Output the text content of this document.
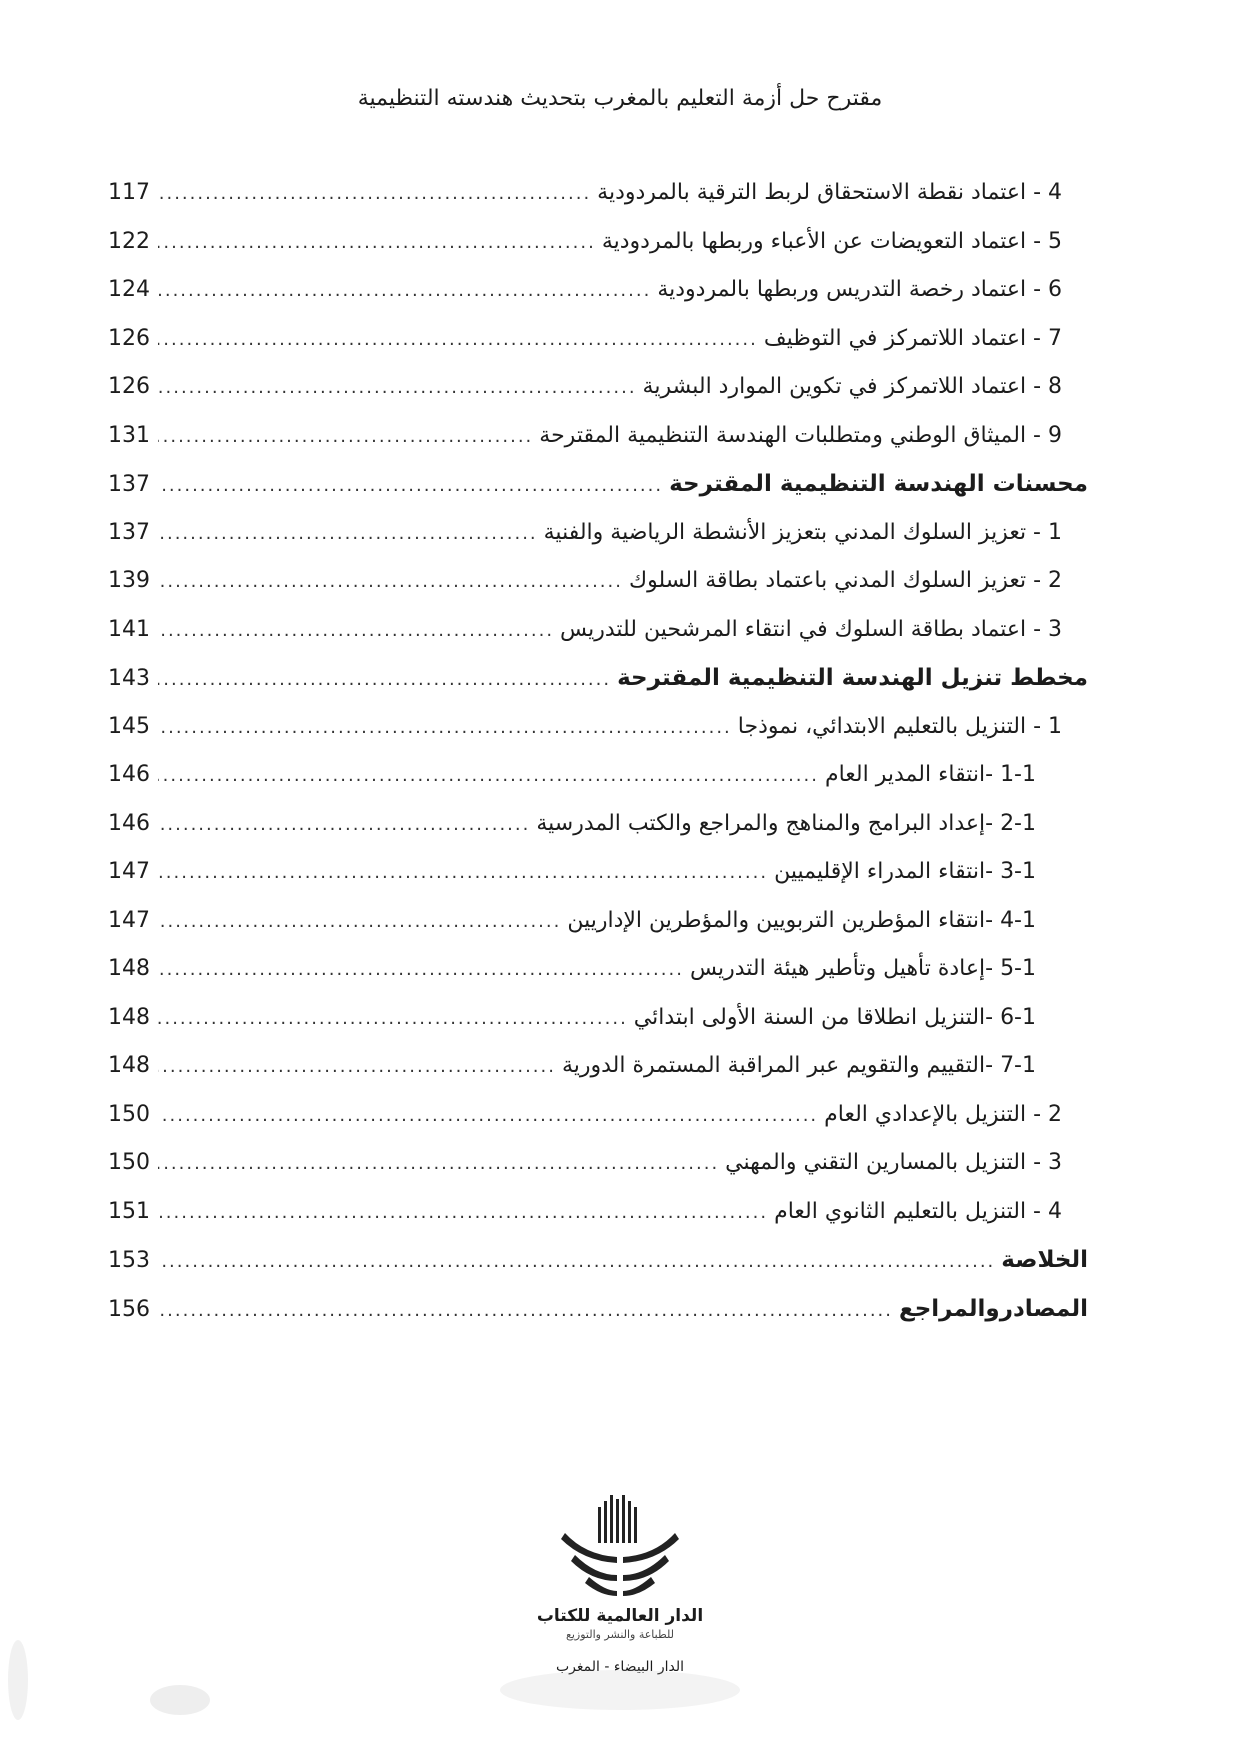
مقترح حل أزمة التعليم بالمغرب بتحديث هندسته التنظيمية
4 - اعتماد نقطة الاستحقاق لربط الترقية بالمردودية
.....
117
5 - اعتماد التعويضات عن الأعباء وربطها بالمردودية
.....
122
6 - اعتماد رخصة التدريس وربطها بالمردودية
.....
124
7 - اعتماد اللاتمركز في التوظيف
.....
126
8 - اعتماد اللاتمركز في تكوين الموارد البشرية
.....
126
9 - الميثاق الوطني ومتطلبات الهندسة التنظيمية المقترحة
.....
131
محسنات الهندسة التنظيمية المقترحة
.....
137
1 - تعزيز السلوك المدني بتعزيز الأنشطة الرياضية والفنية
.....
137
2 - تعزيز السلوك المدني باعتماد بطاقة السلوك
.....
139
3 - اعتماد بطاقة السلوك في انتقاء المرشحين للتدريس
.....
141
مخطط تنزيل الهندسة التنظيمية المقترحة
.....
143
1 - التنزيل بالتعليم الابتدائي، نموذجا
.....
145
1-1 -انتقاء المدير العام
.....
146
2-1 -إعداد البرامج والمناهج والمراجع والكتب المدرسية
.....
146
3-1 -انتقاء المدراء الإقليميين
.....
147
4-1 -انتقاء المؤطرين التربويين والمؤطرين الإداريين
.....
147
5-1 -إعادة تأهيل وتأطير هيئة التدريس
.....
148
6-1 -التنزيل انطلاقا من السنة الأولى ابتدائي
.....
148
7-1 -التقييم والتقويم عبر المراقبة المستمرة الدورية
.....
148
2 - التنزيل بالإعدادي العام
.....
150
3 - التنزيل بالمسارين التقني والمهني
.....
150
4 - التنزيل بالتعليم الثانوي العام
.....
151
الخلاصة
.....
153
المصادروالمراجع
.....
156
الدار العالمية للكتاب
للطباعة والنشر والتوزيع
الدار البيضاء - المغرب
